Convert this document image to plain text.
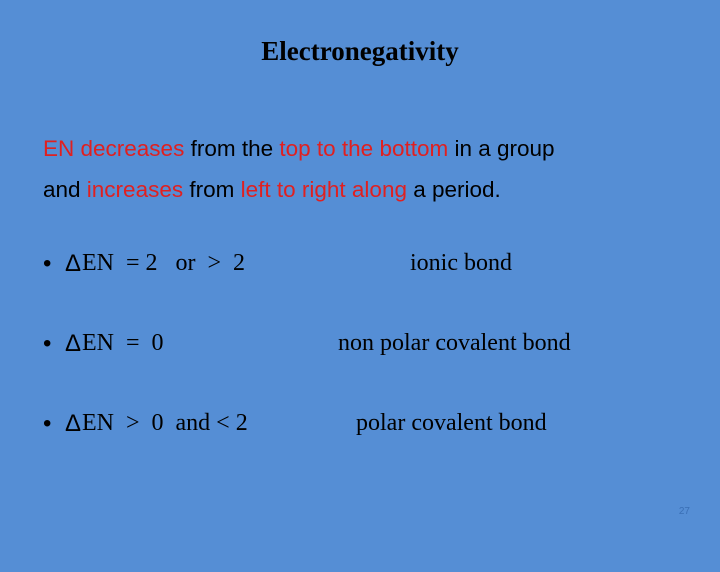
Electronegativity
EN decreases from the top to the bottom in a group
and increases from left to right along a period.

•

Δ

EN  = 2   or  >  2

	ionic bond

•

Δ

EN  =  0

	non polar covalent bond

•

Δ

EN  >  0  and < 2

	polar covalent bond

27
